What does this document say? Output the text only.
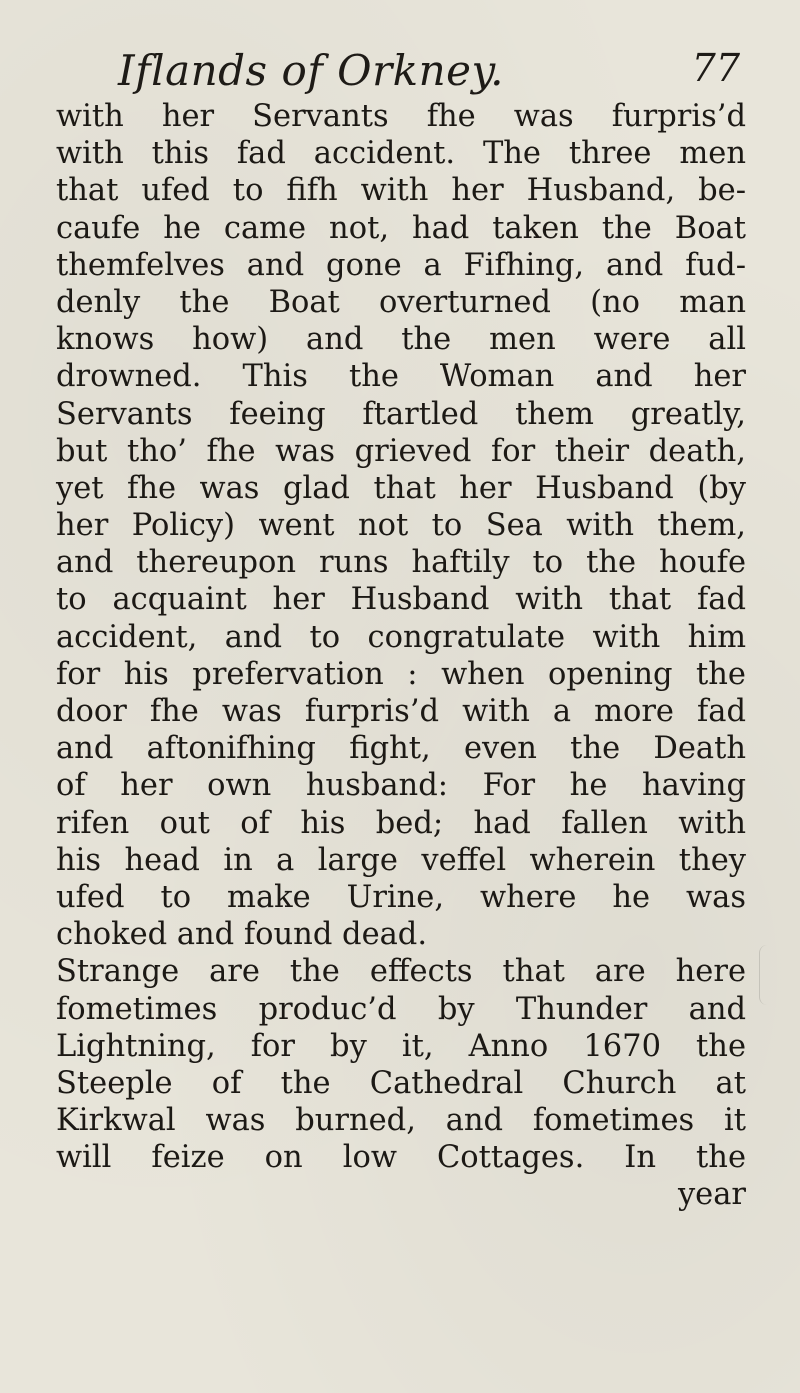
Iflands of Orkney.	77
with her Servants fhe was furpris’d
with this fad accident. The three men
that ufed to fifh with her Husband, be-
caufe he came not, had taken the Boat
themfelves and gone a Fifhing, and fud-
denly the Boat overturned (no man
knows how) and the men were all
drowned. This the Woman and her
Servants feeing ftartled them greatly,
but tho’ fhe was grieved for their death,
yet fhe was glad that her Husband (by
her Policy) went not to Sea with them,
and thereupon runs haftily to the houfe
to acquaint her Husband with that fad
accident, and to congratulate with him
for his prefervation : when opening the
door fhe was furpris’d with a more fad
and aftonifhing fight, even the Death
of her own husband: For he having
rifen out of his bed; had fallen with
his head in a large veffel wherein they
ufed to make Urine, where he was
choked and found dead.
Strange are the effects that are here
fometimes produc’d by Thunder and
Lightning, for by it, Anno 1670 the
Steeple of the Cathedral Church at
Kirkwal was burned, and fometimes it
will feize on low Cottages. In the
year
